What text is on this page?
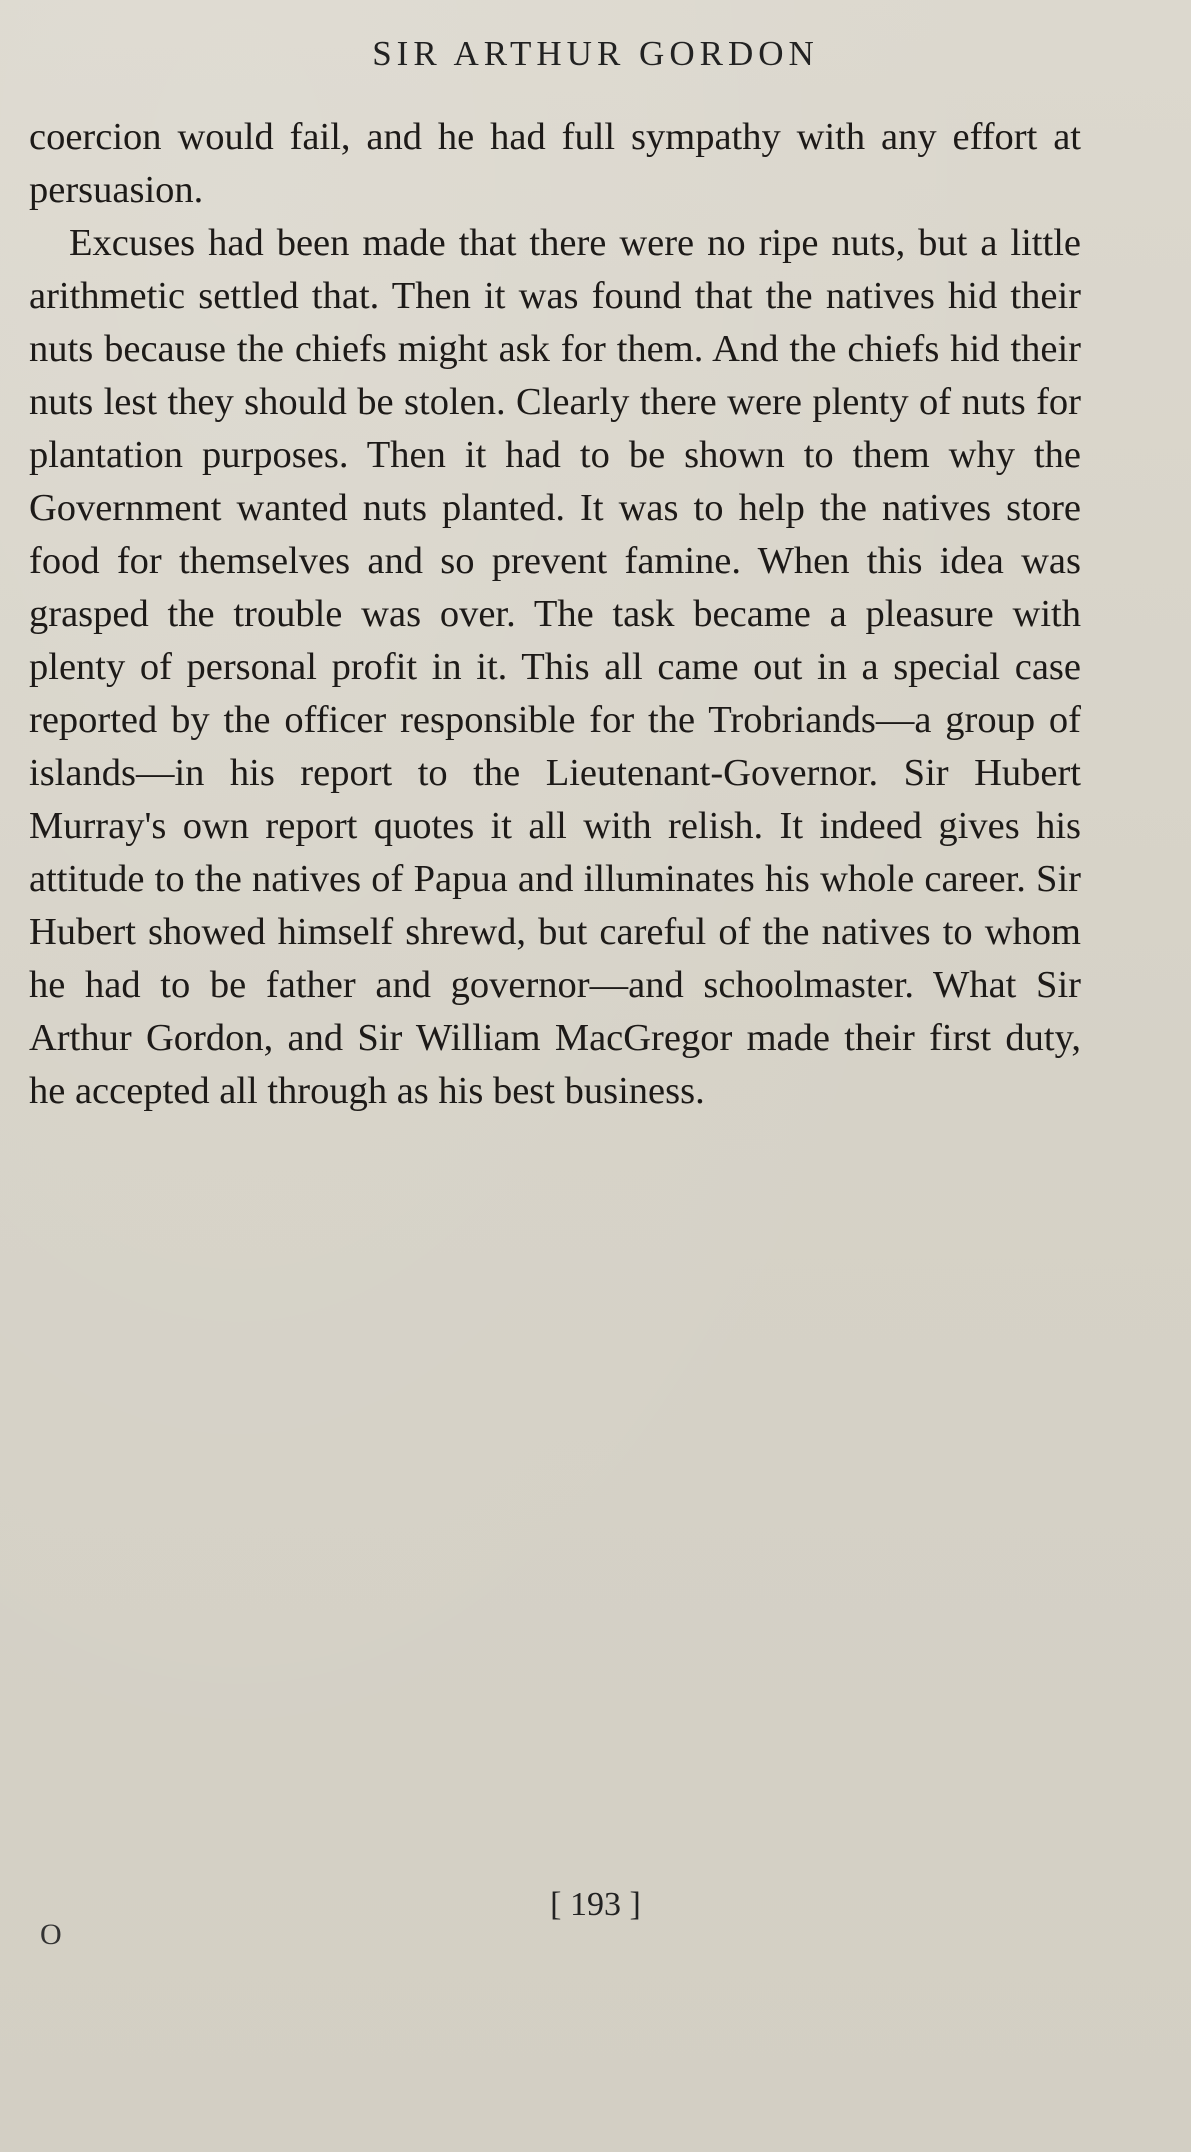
SIR ARTHUR GORDON

coercion would fail, and he had full sympathy with any effort at persuasion.

Excuses had been made that there were no ripe nuts, but a little arithmetic settled that. Then it was found that the natives hid their nuts because the chiefs might ask for them. And the chiefs hid their nuts lest they should be stolen. Clearly there were plenty of nuts for plantation purposes. Then it had to be shown to them why the Government wanted nuts planted. It was to help the natives store food for themselves and so prevent famine. When this idea was grasped the trouble was over. The task became a pleasure with plenty of personal profit in it. This all came out in a special case reported by the officer responsible for the Trobriands—a group of islands—in his report to the Lieutenant-Governor. Sir Hubert Murray's own report quotes it all with relish. It indeed gives his attitude to the natives of Papua and illuminates his whole career. Sir Hubert showed himself shrewd, but careful of the natives to whom he had to be father and governor—and schoolmaster. What Sir Arthur Gordon, and Sir William MacGregor made their first duty, he accepted all through as his best business.

O
[ 193 ]
